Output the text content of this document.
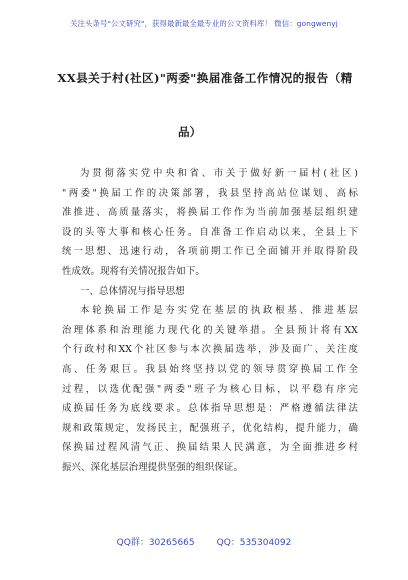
关注头条号"公文研究"，获得最新最全最专业的公文资料库！ 微信：gongwenyj
XX县关于村(社区)"两委"换届准备工作情况的报告（精
品）
为贯彻落实党中央和省、市关于做好新一届村(社区)
"两委"换届工作的决策部署，我县坚持高站位谋划、高标
准推进、高质量落实，将换届工作作为当前加强基层组织建
设的头等大事和核心任务。自准备工作启动以来，全县上下
统一思想、迅速行动，各项前期工作已全面铺开并取得阶段
性成效。现将有关情况报告如下。
一、总体情况与指导思想
本轮换届工作是夯实党在基层的执政根基、推进基层
治理体系和治理能力现代化的关键举措。全县预计将有XX
个行政村和XX个社区参与本次换届选举，涉及面广、关注度
高、任务艰巨。我县始终坚持以党的领导贯穿换届工作全
过程，以选优配强"两委"班子为核心目标，以平稳有序完
成换届任务为底线要求。总体指导思想是：严格遵循法律法
规和政策规定，发扬民主，配强班子，优化结构，提升能力，确
保换届过程风清气正、换届结果人民满意，为全面推进乡村
振兴、深化基层治理提供坚强的组织保证。
QQ群：30265665 QQ：535304092
